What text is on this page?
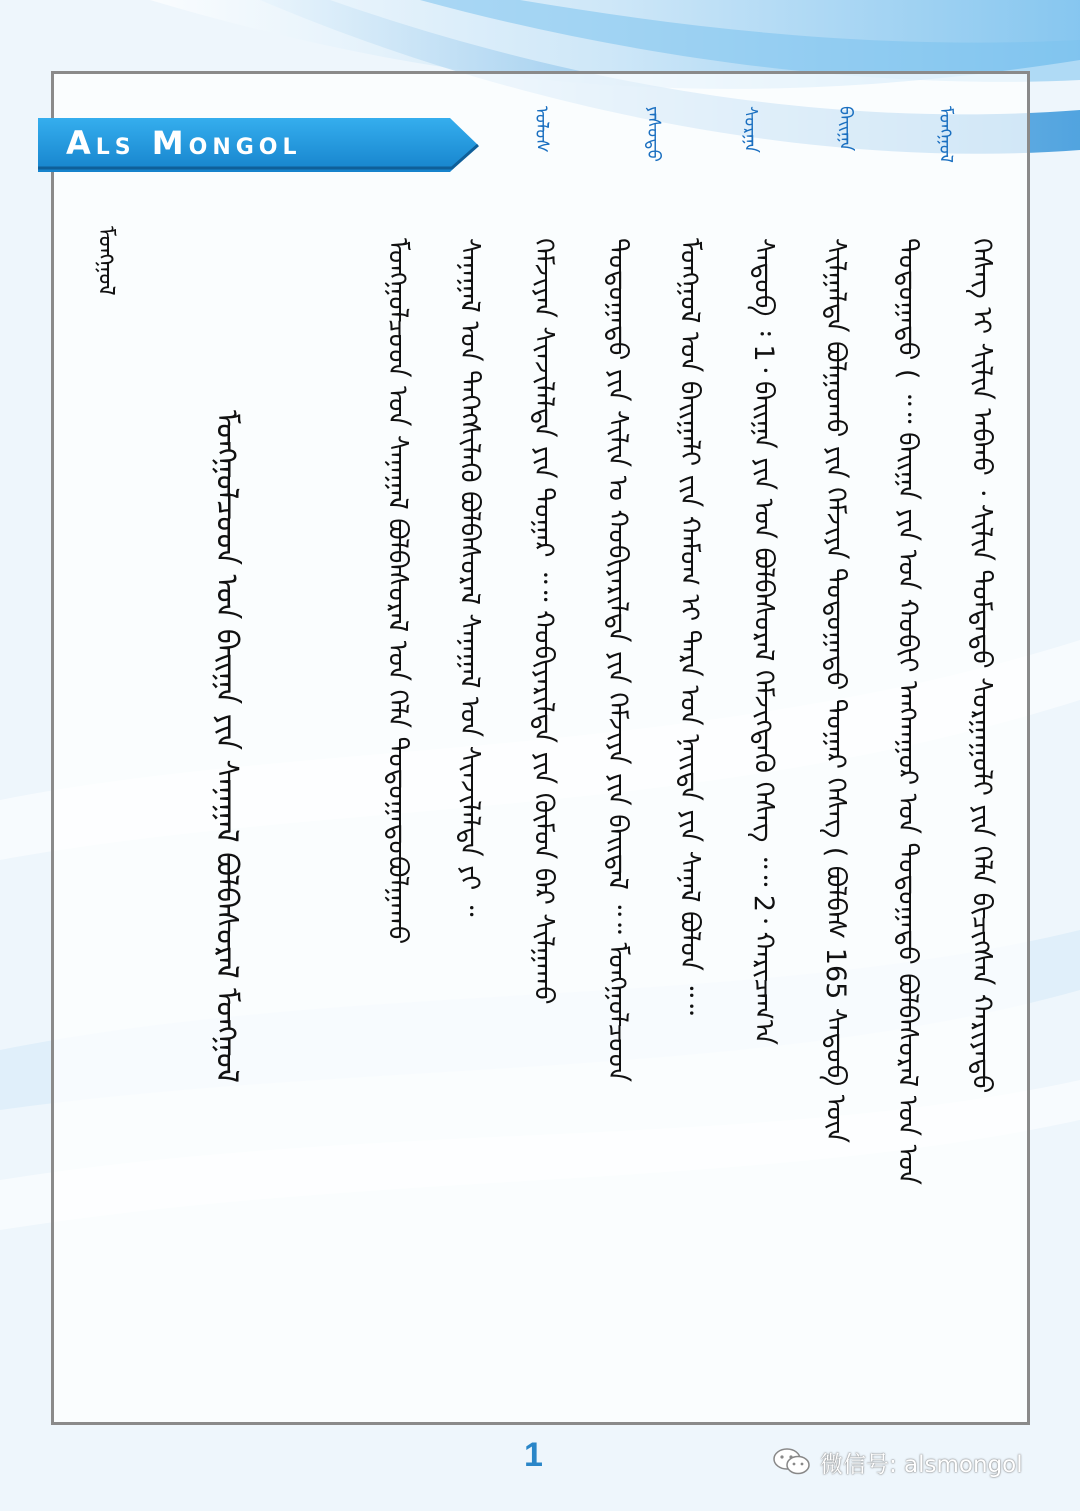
Als Mongol	ᠤᠯᠤᠰ	ᠶᠠᠰᠤᠲᠤ	ᠰᠤᠷᠭᠠ	ᠪᠠᠢᠭᠠ	ᠮᠣᠩᠭᠣᠯ
ᠬᠡᠰᠡᠭ ᠢ ᠰᠢᠯᠢᠨ ᠠᠪᠬᠤ ᠂ ᠰᠢᠯᠢᠨ ᠳᠤᠮᠳᠠᠳᠤ ᠰᠤᠷᠭᠠᠭᠤᠯᠢ ᠶᠢᠨ ᠬᠡᠯᠡ ᠪᠢᠴᠢᠭᠰᠡᠨ ᠬᠠᠷᠢᠶᠠᠲᠤ
ᠳᠣᠲᠣᠭᠠᠳᠤ ( ᠃᠃ ᠪᠠᠢᠭᠠ ᠶᠢᠨ ᠤᠨ ᠬᠤᠪᠢᠶ ᠠᠩᠬᠠᠭᠤᠷ ᠤᠨ ᠳᠣᠲᠣᠭᠠᠳᠤ ᠪᠣᠯᠪᠠᠰᠤᠷᠠᠯ ᠤᠨ ᠤᠨ
ᠰᠢᠯᠭᠠᠯᠲᠠ ᠪᠣᠯᠭᠣᠬᠤ ᠶᠢᠨ ᠬᠡᠮᠵᠢᠶᠡ ᠳᠣᠲᠣᠭᠠᠳᠤ ᠳᠤᠭᠠᠷ ᠬᠡᠰᠡᠭ ( ᠪᠣᠯᠪᠠᠰ 165 ᠰᠡᠳᠦᠪ ᠦᠨ
ᠰᠡᠳᠦᠪ ᠄ 1᠂ ᠪᠠᠢᠭᠠ ᠶᠢᠨ ᠤᠨ ᠪᠣᠯᠪᠠᠰᠤᠷᠠᠯ ᠬᠡᠮᠵᠢᠭᠳᠡᠬᠦ ᠬᠡᠰᠡᠭ ᠃᠃ 2᠂ ᠬᠠᠷᠢᠴᠠᠭ᠎ᠠ
ᠮᠣᠩᠭᠣᠯ ᠤᠨ ᠪᠠᠢᠭᠠᠯᠢ ᠵᠢᠨ ᠬᠠᠮᠤᠭ ᠢ ᠲᠡᠷᠡ ᠤᠨ ᠨᠡᠢᠲᠡ ᠶᠢᠨ ᠰᠠᠨᠠᠯ ᠪᠣᠯᠤᠨ ᠃᠃
ᠳᠣᠲᠣᠭᠠᠳᠤ ᠶᠢᠨ ᠰᠢᠯᠢᠨ ᠤ ᠬᠤᠪᠢᠶᠠᠷᠢᠯᠲᠠ ᠶᠢᠨ ᠬᠡᠮᠵᠢᠶᠡ ᠶᠢᠨ ᠪᠠᠢᠳᠠᠯ ᠃᠃ ᠮᠣᠩᠭᠣᠯᠴᠤᠳ
ᠬᠡᠮᠵᠢᠶᠡᠨ ᠰᠢᠨᠵᠢᠯᠡᠯᠲᠡ ᠶᠢᠨ ᠳᠤᠭᠠᠷ ᠃᠃ ᠬᠤᠪᠢᠶᠠᠷᠢᠯᠲᠠ ᠶᠢᠨ ᠬᠦᠮᠦᠨ ᠪᠠᠷ ᠰᠢᠯᠭᠠᠬᠤ
ᠰᠠᠨᠠᠭᠠᠯ ᠤᠨ ᠳᠡᠭᠡᠭᠰᠢᠯᠡᠬᠦ ᠪᠣᠯᠪᠠᠰᠤᠷᠠᠯ ᠰᠠᠨᠠᠭᠠᠯ ᠤᠨ ᠰᠢᠨᠵᠢᠯᠡᠯᠲᠡ ᠶᠢ ᠃
ᠮᠣᠩᠭᠣᠯᠴᠤᠳ ᠤᠨ ᠰᠠᠨᠠᠭᠠᠯ ᠪᠣᠯᠪᠠᠰᠤᠷᠠᠯ ᠤᠨ ᠬᠡᠯᠡ ᠳᠣᠲᠣᠭᠠᠳᠤᠪᠣᠯᠭᠠᠬᠤ
ᠮᠣᠩᠭᠣᠯᠴᠤᠳ ᠤᠨ ᠪᠠᠢᠭᠠ ᠶᠢᠨ ᠰᠠᠨᠠᠭᠠᠯ ᠪᠣᠯᠪᠠᠰᠤᠷᠠᠯ ᠮᠣᠩᠭᠣᠯ
ᠮᠣᠩᠭᠣᠯ
1	微信号: alsmongol
